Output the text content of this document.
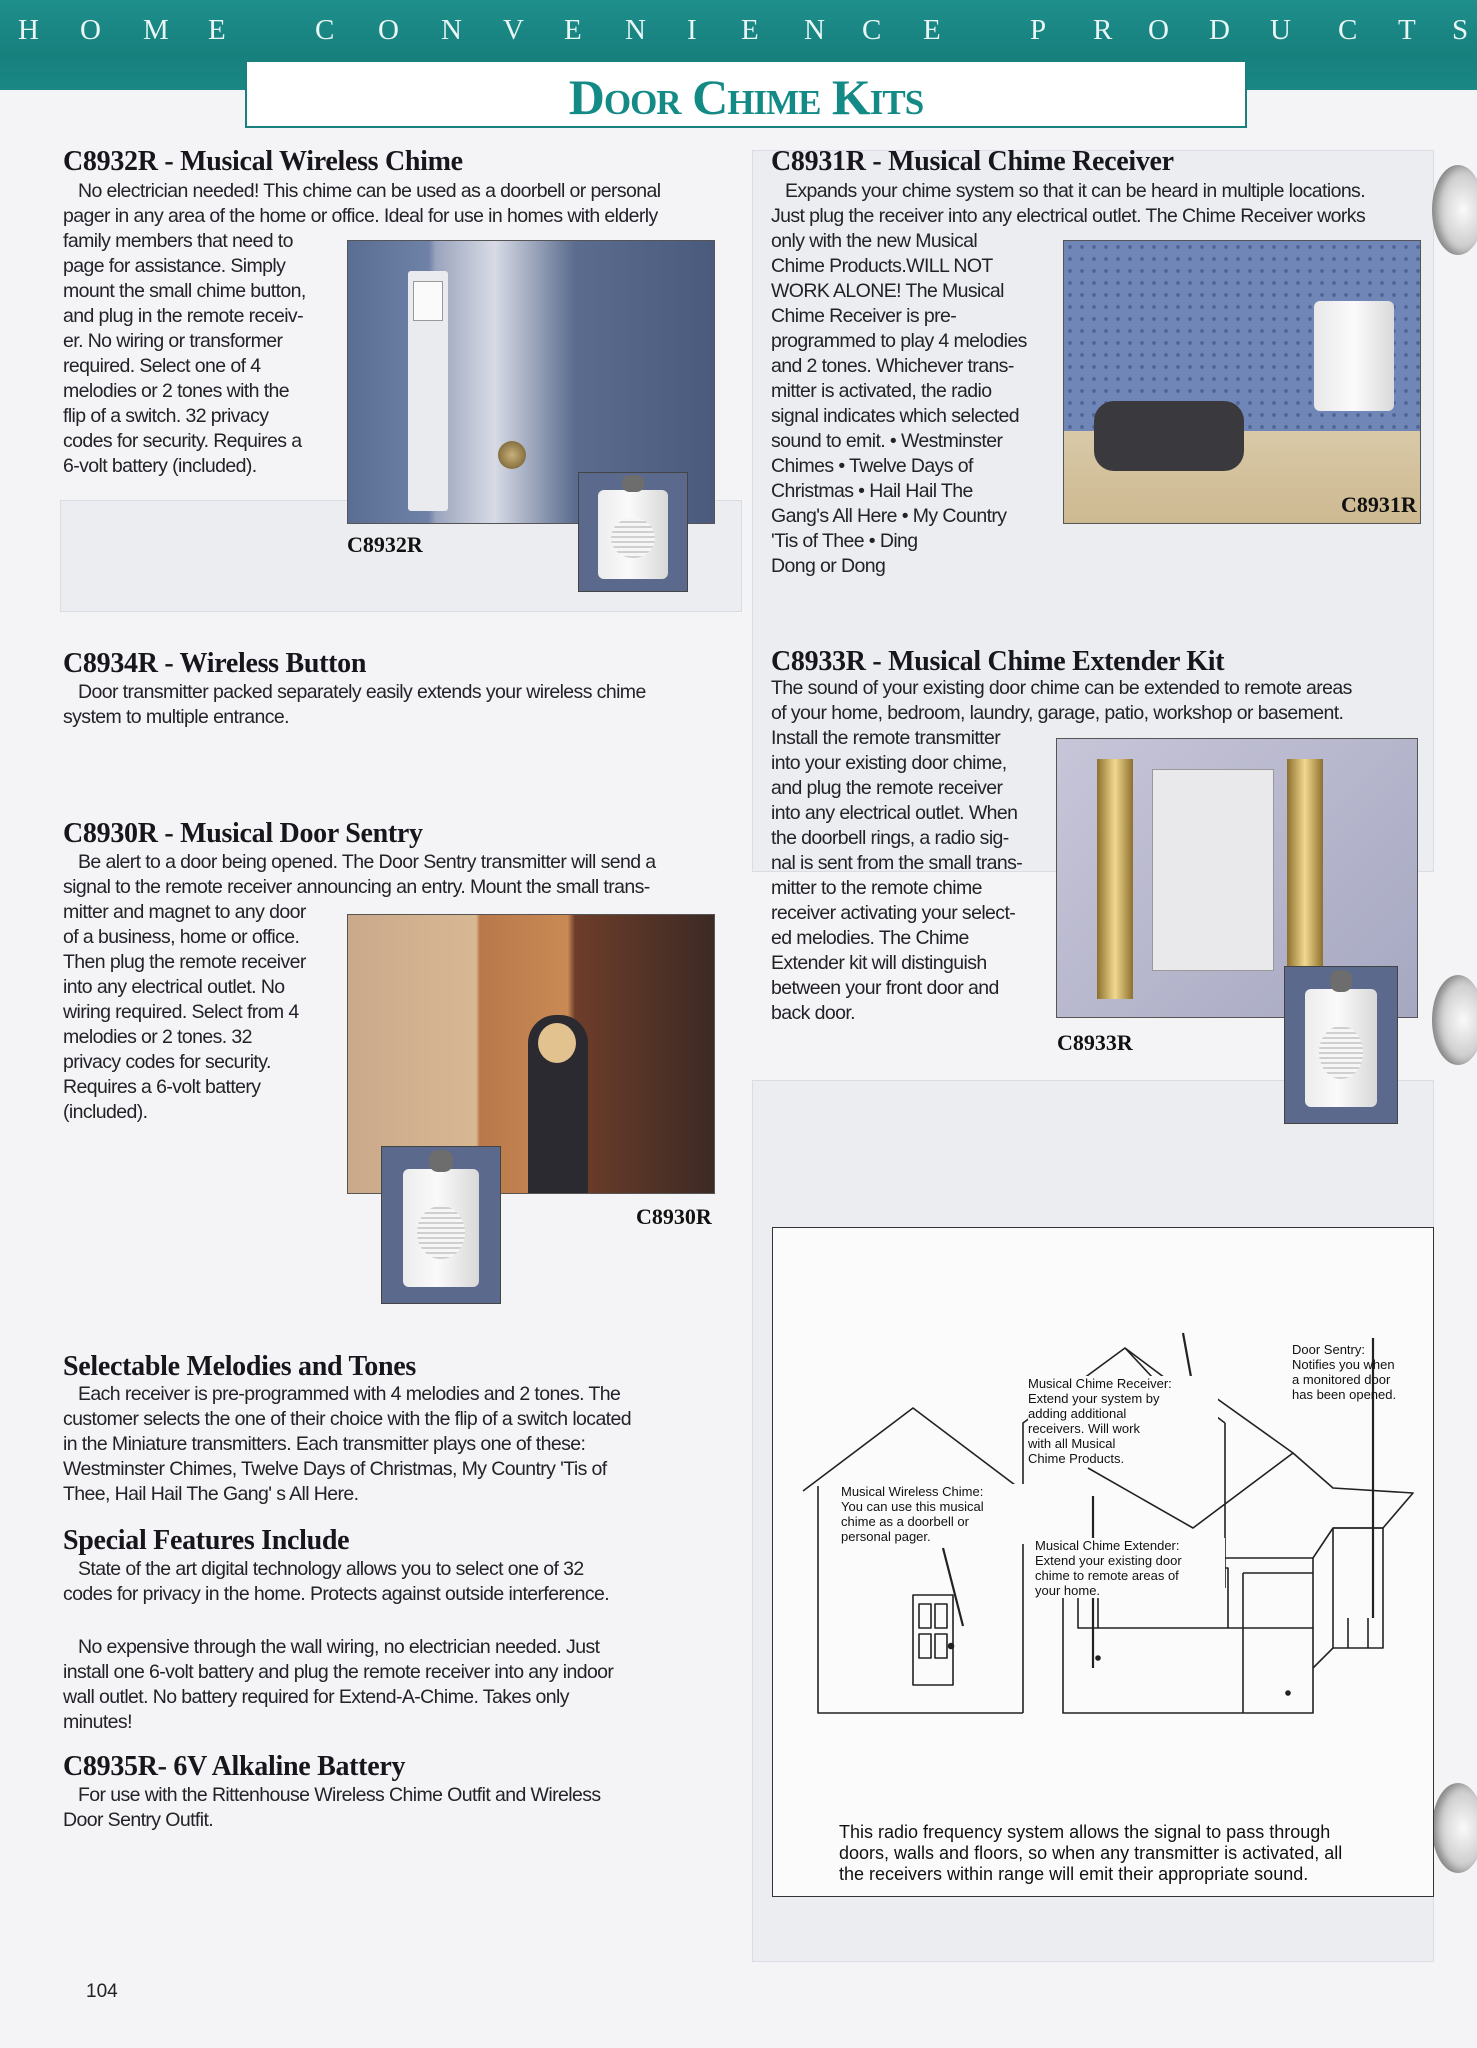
H O M E	C O N V E N I E N C E	P R O D U C T S
Door Chime Kits
C8932R - Musical Wireless Chime

No electrician needed! This chime can be used as a doorbell or personal

pager in any area of the home or office. Ideal for use in homes with elderly

family members that need to

page for assistance. Simply

mount the small chime button,

and plug in the remote receiv-

er. No wiring or transformer

required. Select one of 4

melodies or 2 tones with the

flip of a switch. 32 privacy

codes for security. Requires a

6-volt battery (included).

C8932R
C8934R - Wireless Button

Door transmitter packed separately easily extends your wireless chime

system to multiple entrance.

C8930R - Musical Door Sentry

Be alert to a door being opened. The Door Sentry transmitter will send a

signal to the remote receiver announcing an entry. Mount the small trans-

mitter and magnet to any door

of a business, home or office.

Then plug the remote receiver

into any electrical outlet. No

wiring required. Select from 4

melodies or 2 tones. 32

privacy codes for security.

Requires a 6-volt battery

(included).

C8930R
Selectable Melodies and Tones

Each receiver is pre-programmed with 4 melodies and 2 tones. The

customer selects the one of their choice with the flip of a switch located

in the Miniature transmitters. Each transmitter plays one of these:

Westminster Chimes, Twelve Days of Christmas, My Country 'Tis of

Thee, Hail Hail The Gang' s All Here.

Special Features Include

State of the art digital technology allows you to select one of 32

codes for privacy in the home. Protects against outside interference.

No expensive through the wall wiring, no electrician needed. Just

install one 6-volt battery and plug the remote receiver into any indoor

wall outlet. No battery required for Extend-A-Chime. Takes only

minutes!

C8935R- 6V Alkaline Battery

For use with the Rittenhouse Wireless Chime Outfit and Wireless

Door Sentry Outfit.

C8931R - Musical Chime Receiver

Expands your chime system so that it can be heard in multiple locations.

Just plug the receiver into any electrical outlet. The Chime Receiver works

only with the new Musical

Chime Products.WILL NOT

WORK ALONE! The Musical

Chime Receiver is pre-

programmed to play 4 melodies

and 2 tones. Whichever trans-

mitter is activated, the radio

signal indicates which selected

sound to emit. • Westminster

Chimes • Twelve Days of

Christmas • Hail Hail The

Gang's All Here • My Country

'Tis of Thee • Ding

Dong or Dong

C8931R
C8933R - Musical Chime Extender Kit

The sound of your existing door chime can be extended to remote areas

of your home, bedroom, laundry, garage, patio, workshop or basement.

Install the remote transmitter

into your existing door chime,

and plug the remote receiver

into any electrical outlet. When

the doorbell rings, a radio sig-

nal is sent from the small trans-

mitter to the remote chime

receiver activating your select-

ed melodies. The Chime

Extender kit will distinguish

between your front door and

back door.

C8933R
Door Sentry:
Notifies you when
a monitored door
has been opened.
Musical Chime Receiver:
Extend your system by
adding additional
receivers. Will work
with all Musical
Chime Products.
Musical Wireless Chime:
You can use this musical
chime as a doorbell or
personal pager.
Musical Chime Extender:
Extend your existing door
chime to remote areas of
your home.
This radio frequency system allows the signal to pass through
doors, walls and floors, so when any transmitter is activated, all
the receivers within range will emit their appropriate sound.
104
